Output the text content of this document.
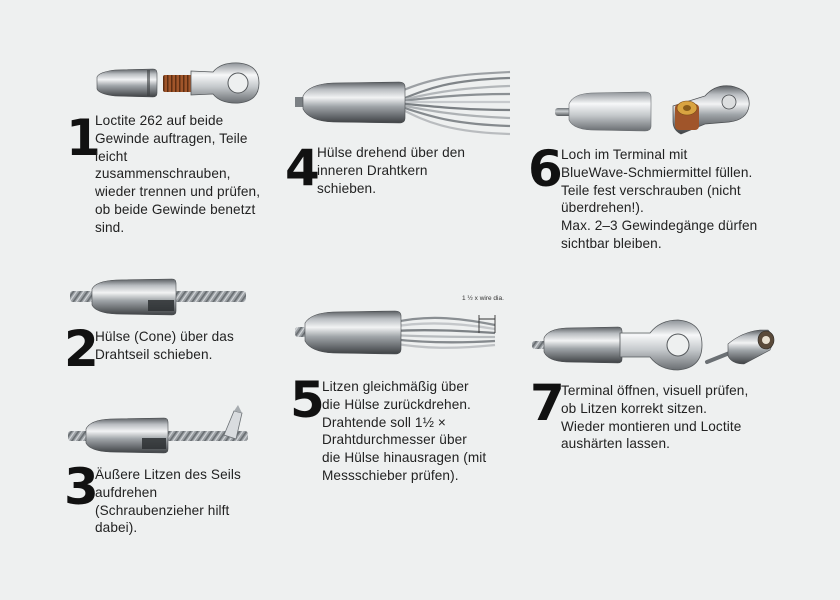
1
Loctite 262 auf beide
Gewinde auftragen, Teile
leicht
zusammenschrauben,
wieder trennen und prüfen,
ob beide Gewinde benetzt
sind.
2
Hülse (Cone) über das
Drahtseil schieben.
3
Äußere Litzen des Seils
aufdrehen
(Schraubenzieher hilft
dabei).
4 Hülse drehend über den
inneren Drahtkern
schieben.
1 ½ x wire dia.
5 Litzen gleichmäßig über
die Hülse zurückdrehen.
Drahtende soll 1½ ×
Drahtdurchmesser über
die Hülse hinausragen (mit
Messschieber prüfen).
6 Loch im Terminal mit
BlueWave-Schmiermittel füllen.
Teile fest verschrauben (nicht
überdrehen!).
Max. 2–3 Gewindegänge dürfen
sichtbar bleiben.
7
Terminal öffnen, visuell prüfen,
ob Litzen korrekt sitzen.
Wieder montieren und Loctite
aushärten lassen.
